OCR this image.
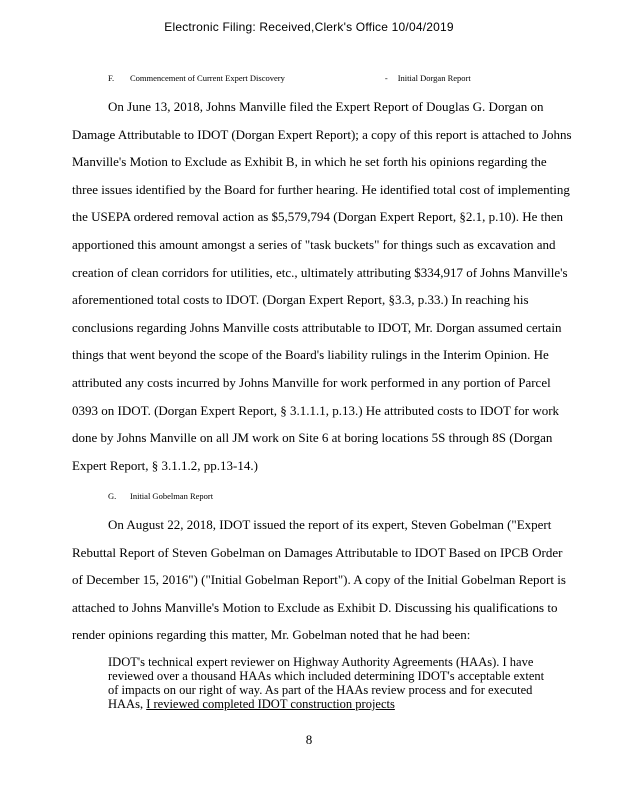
Electronic Filing: Received,Clerk's Office 10/04/2019
F. Commencement of Current Expert Discovery	- Initial Dorgan Report

On June 13, 2018, Johns Manville filed the Expert Report of Douglas G. Dorgan on Damage Attributable to IDOT (Dorgan Expert Report); a copy of this report is attached to Johns Manville's Motion to Exclude as Exhibit B, in which he set forth his opinions regarding the three issues identified by the Board for further hearing. He identified total cost of implementing the USEPA ordered removal action as $5,579,794 (Dorgan Expert Report, §2.1, p.10). He then apportioned this amount amongst a series of "task buckets" for things such as excavation and creation of clean corridors for utilities, etc., ultimately attributing $334,917 of Johns Manville's aforementioned total costs to IDOT. (Dorgan Expert Report, §3.3, p.33.) In reaching his conclusions regarding Johns Manville costs attributable to IDOT, Mr. Dorgan assumed certain things that went beyond the scope of the Board's liability rulings in the Interim Opinion. He attributed any costs incurred by Johns Manville for work performed in any portion of Parcel 0393 on IDOT. (Dorgan Expert Report, § 3.1.1.1, p.13.) He attributed costs to IDOT for work done by Johns Manville on all JM work on Site 6 at boring locations 5S through 8S (Dorgan Expert Report, § 3.1.1.2, pp.13-14.)

G. Initial Gobelman Report

On August 22, 2018, IDOT issued the report of its expert, Steven Gobelman ("Expert Rebuttal Report of Steven Gobelman on Damages Attributable to IDOT Based on IPCB Order of December 15, 2016") ("Initial Gobelman Report"). A copy of the Initial Gobelman Report is attached to Johns Manville's Motion to Exclude as Exhibit D. Discussing his qualifications to render opinions regarding this matter, Mr. Gobelman noted that he had been:

IDOT's technical expert reviewer on Highway Authority Agreements (HAAs). I have reviewed over a thousand HAAs which included determining IDOT's acceptable extent of impacts on our right of way. As part of the HAAs review process and for executed HAAs, I reviewed completed IDOT construction projects

8
